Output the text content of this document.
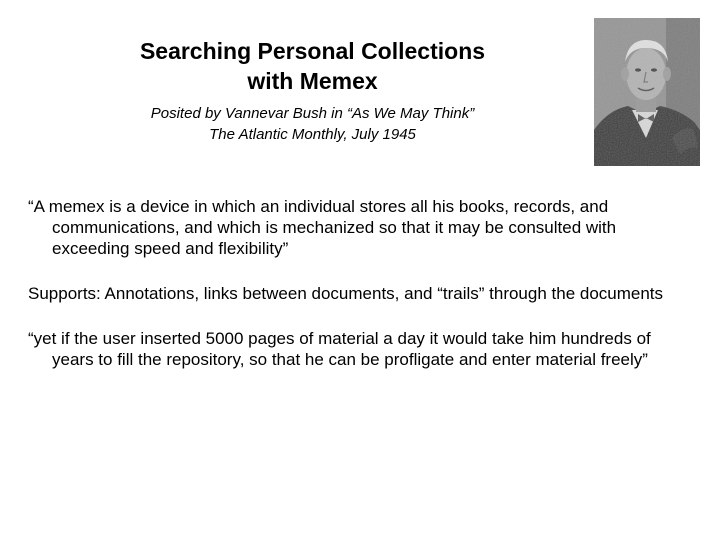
Searching Personal Collections
with Memex
Posited by Vannevar Bush in “As We May Think”
The Atlantic Monthly, July 1945

“A memex is a device in which an individual stores all his books, records, and communications, and which is mechanized so that it may be consulted with exceeding speed and flexibility”

Supports: Annotations, links between documents, and “trails” through the documents

“yet if the user inserted 5000 pages of material a day it would take him hundreds of years to fill the repository, so that he can be profligate and enter material freely”
